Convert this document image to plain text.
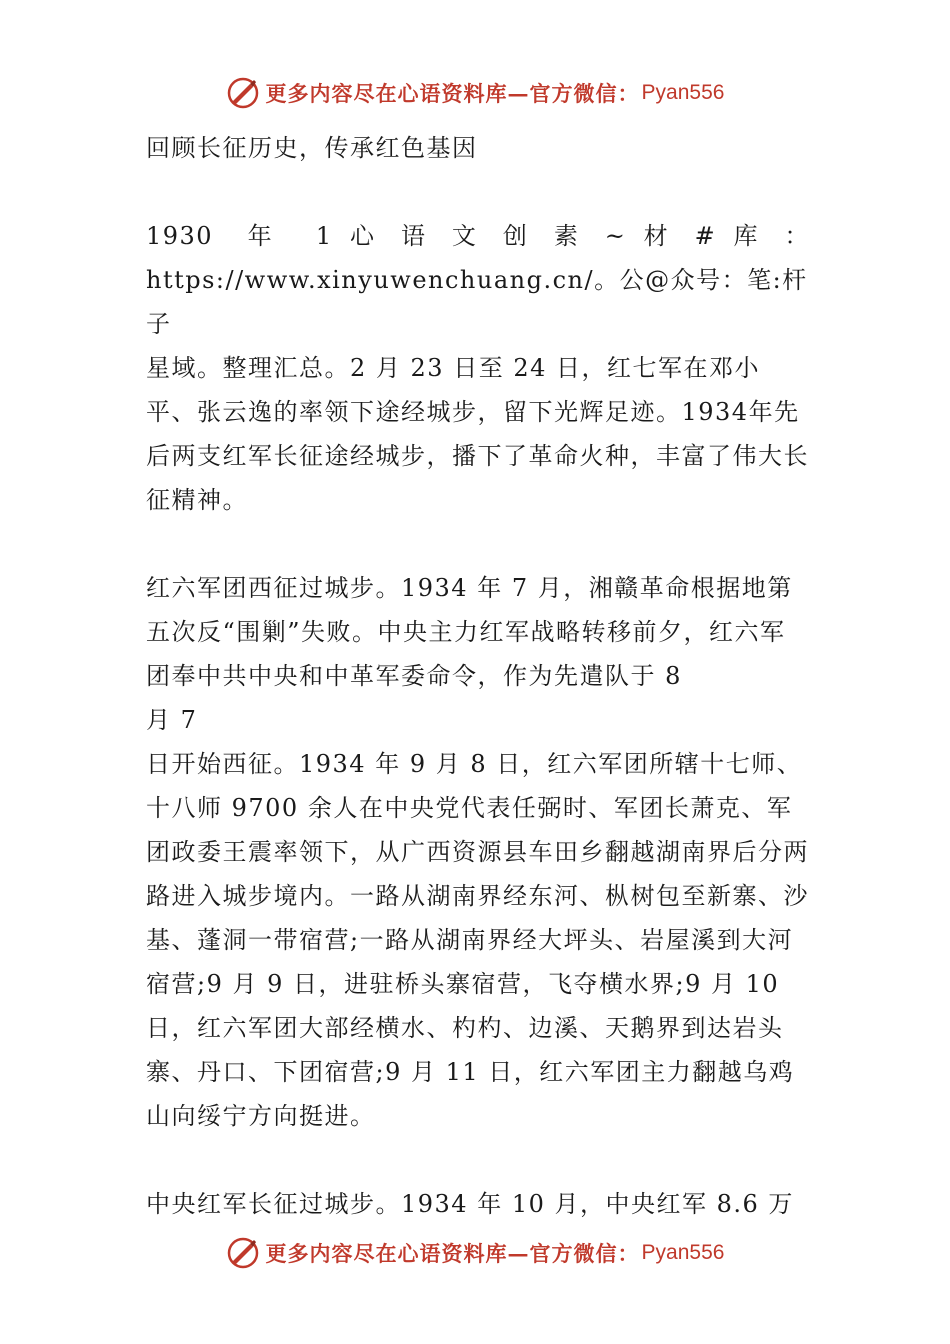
更多内容尽在心语资料库 —官方微信： Pyan556

回顾长征历史，传承红色基因

1930  年  1 心 语 文 创 素 ~ 材 # 库 ：

https://www.xinyuwenchuang.cn/。公@众号：笔:杆子

星域。整理汇总。2 月 23 日至 24 日，红七军在邓小平、张云逸的率领下途经城步，留下光辉足迹。1934年先后两支红军长征途经城步，播下了革命火种，丰富了伟大长征精神。

红六军团西征过城步。1934 年 7 月，湘赣革命根据地第五次反“围剿”失败。中央主力红军战略转移前夕，红六军团奉中共中央和中革军委命令，作为先遣队于 8

月 7

日开始西征。1934 年 9 月 8 日，红六军团所辖十七师、十八师 9700 余人在中央党代表任弼时、军团长萧克、军团政委王震率领下，从广西资源县车田乡翻越湖南界后分两路进入城步境内。一路从湖南界经东河、枞树包至新寨、沙基、蓬洞一带宿营;一路从湖南界经大坪头、岩屋溪到大河宿营;9 月 9 日，进驻桥头寨宿营，飞夺横水界;9 月 10 日，红六军团大部经横水、杓杓、边溪、天鹅界到达岩头寨、丹口、下团宿营;9 月 11 日，红六军团主力翻越乌鸡山向绥宁方向挺进。

中央红军长征过城步。1934 年 10 月，中央红军 8.6 万

更多内容尽在心语资料库 —官方微信： Pyan556
